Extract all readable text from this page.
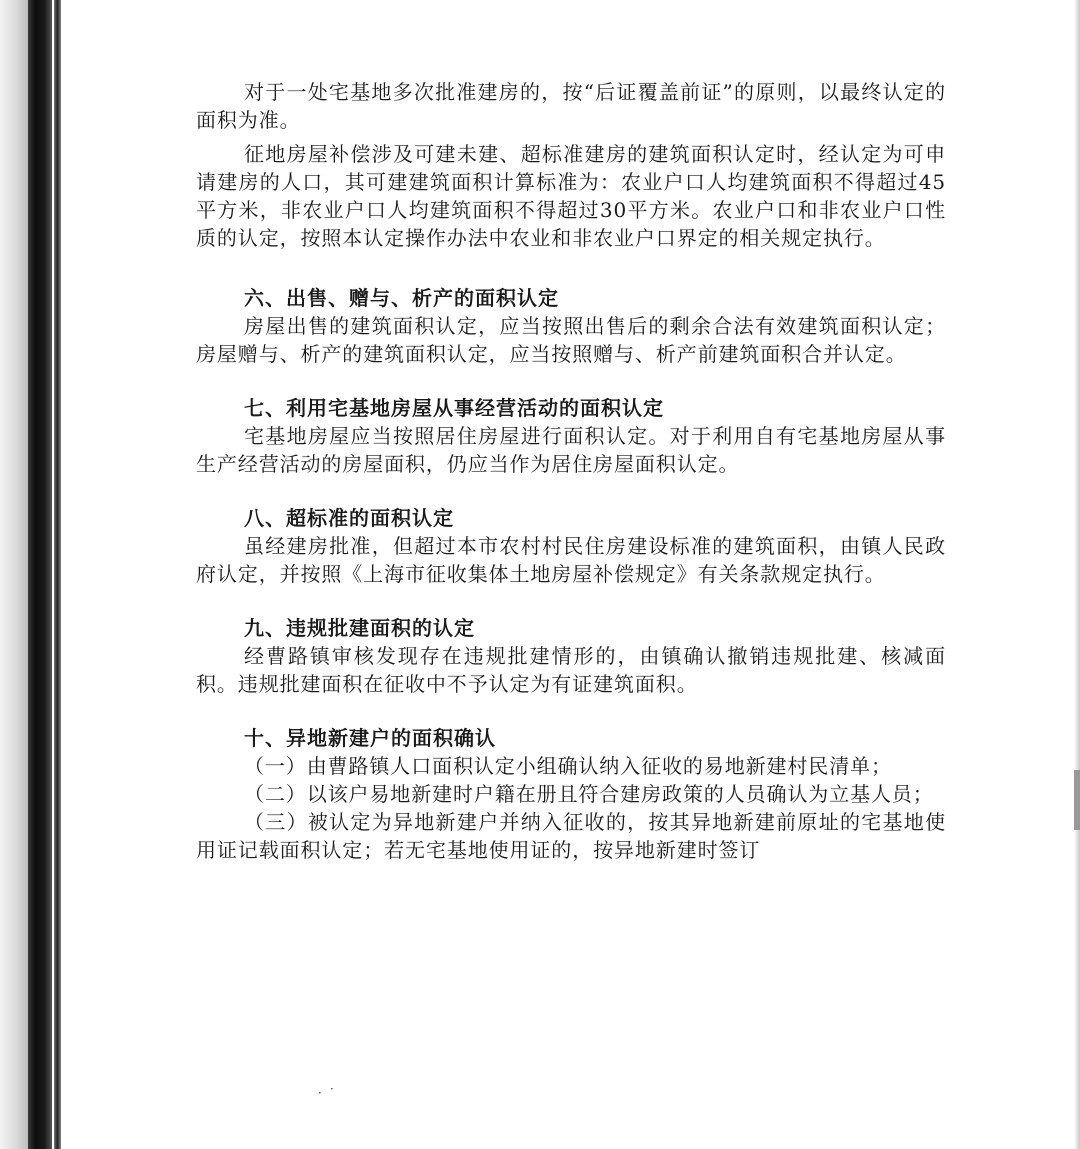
对于一处宅基地多次批准建房的，按“后证覆盖前证”的原则，以最终认定的面积为准。

征地房屋补偿涉及可建未建、超标准建房的建筑面积认定时，经认定为可申请建房的人口，其可建建筑面积计算标准为：农业户口人均建筑面积不得超过45平方米，非农业户口人均建筑面积不得超过30平方米。农业户口和非农业户口性质的认定，按照本认定操作办法中农业和非农业户口界定的相关规定执行。

六、出售、赠与、析产的面积认定

房屋出售的建筑面积认定，应当按照出售后的剩余合法有效建筑面积认定；房屋赠与、析产的建筑面积认定，应当按照赠与、析产前建筑面积合并认定。

七、利用宅基地房屋从事经营活动的面积认定

宅基地房屋应当按照居住房屋进行面积认定。对于利用自有宅基地房屋从事生产经营活动的房屋面积，仍应当作为居住房屋面积认定。

八、超标准的面积认定

虽经建房批准，但超过本市农村村民住房建设标准的建筑面积，由镇人民政府认定，并按照《上海市征收集体土地房屋补偿规定》有关条款规定执行。

九、违规批建面积的认定

经曹路镇审核发现存在违规批建情形的，由镇确认撤销违规批建、核减面积。违规批建面积在征收中不予认定为有证建筑面积。

十、异地新建户的面积确认

（一）由曹路镇人口面积认定小组确认纳入征收的易地新建村民清单；

（二）以该户易地新建时户籍在册且符合建房政策的人员确认为立基人员；

（三）被认定为异地新建户并纳入征收的，按其异地新建前原址的宅基地使用证记载面积认定；若无宅基地使用证的，按异地新建时签订

．·
